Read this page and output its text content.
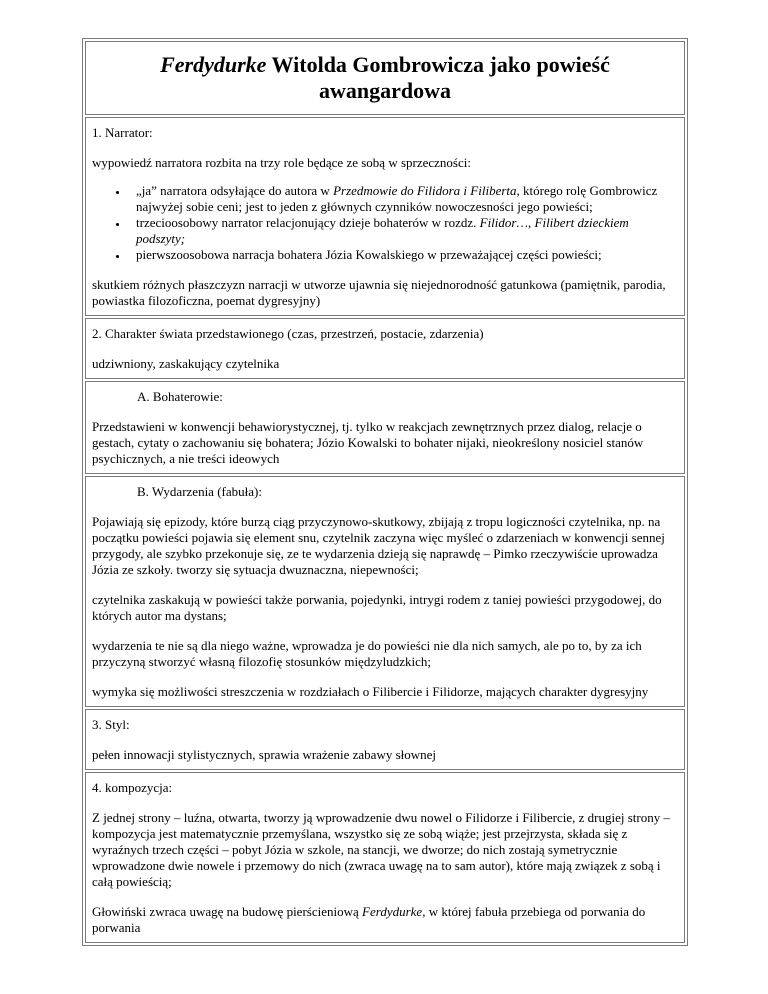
Ferdydurke Witolda Gombrowicza jako powieść awangardowa

1. Narrator:

wypowiedź narratora rozbita na trzy role będące ze sobą w sprzeczności:

• „ja” narratora odsyłające do autora w Przedmowie do Filidora i Filiberta, którego rolę Gombrowicz najwyżej sobie ceni; jest to jeden z głównych czynników nowoczesności jego powieści;
• trzecioosobowy narrator relacjonujący dzieje bohaterów w rozdz. Filidor…, Filibert dzieckiem podszyty;
• pierwszoosobowa narracja bohatera Józia Kowalskiego w przeważającej części powieści;

skutkiem różnych płaszczyzn narracji w utworze ujawnia się niejednorodność gatunkowa (pamiętnik, parodia, powiastka filozoficzna, poemat dygresyjny)

2. Charakter świata przedstawionego (czas, przestrzeń, postacie, zdarzenia)

udziwniony, zaskakujący czytelnika

A. Bohaterowie:

Przedstawieni w konwencji behawiorystycznej, tj. tylko w reakcjach zewnętrznych przez dialog, relacje o gestach, cytaty o zachowaniu się bohatera; Józio Kowalski to bohater nijaki, nieokreślony nosiciel stanów psychicznych, a nie treści ideowych

B. Wydarzenia (fabuła):

Pojawiają się epizody, które burzą ciąg przyczynowo-skutkowy, zbijają z tropu logiczności czytelnika, np. na początku powieści pojawia się element snu, czytelnik zaczyna więc myśleć o zdarzeniach w konwencji sennej przygody, ale szybko przekonuje się, ze te wydarzenia dzieją się naprawdę – Pimko rzeczywiście uprowadza Józia ze szkoły. tworzy się sytuacja dwuznaczna, niepewności;

czytelnika zaskakują w powieści także porwania, pojedynki, intrygi rodem z taniej powieści przygodowej, do których autor ma dystans;

wydarzenia te nie są dla niego ważne, wprowadza je do powieści nie dla nich samych, ale po to, by za ich przyczyną stworzyć własną filozofię stosunków międzyludzkich;

wymyka się możliwości streszczenia w rozdziałach o Filibercie i Filidorze, mających charakter dygresyjny

3. Styl:

pełen innowacji stylistycznych, sprawia wrażenie zabawy słownej

4. kompozycja:

Z jednej strony – luźna, otwarta, tworzy ją wprowadzenie dwu nowel o Filidorze i Filibercie, z drugiej strony – kompozycja jest matematycznie przemyślana, wszystko się ze sobą wiąże; jest przejrzysta, składa się z wyraźnych trzech części – pobyt Józia w szkole, na stancji, we dworze; do nich zostają symetrycznie wprowadzone dwie nowele i przemowy do nich (zwraca uwagę na to sam autor), które mają związek z sobą i całą powieścią;

Głowiński zwraca uwagę na budowę pierścieniową Ferdydurke, w której fabuła przebiega od porwania do porwania
